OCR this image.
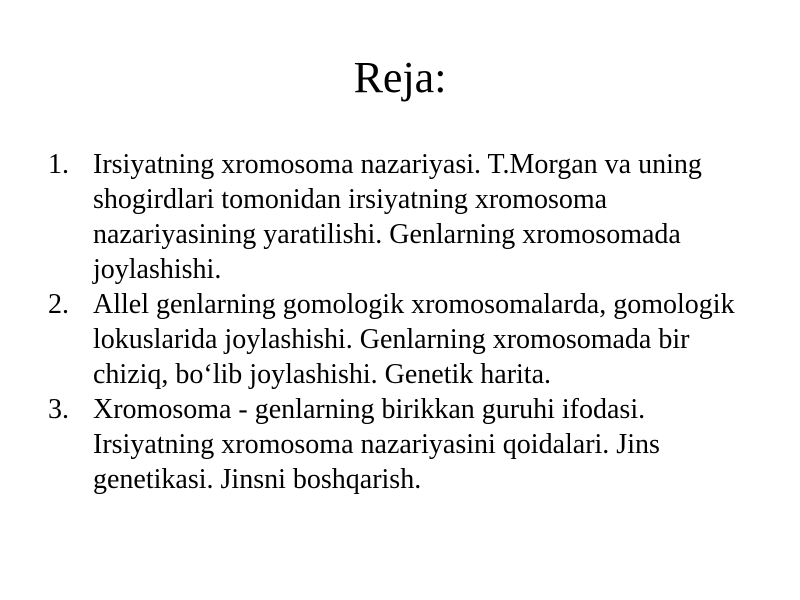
Reja:
1. Irsiyatning xromosoma nazariyasi. T.Morgan va uning shogirdlari tomonidan irsiyatning xromosoma nazariyasining yaratilishi. Genlarning xromosomada joylashishi.
2. Allel genlarning gomologik xromosomalarda, gomologik lokuslarida joylashishi. Genlarning xromosomada bir chiziq, bo‘lib joylashishi. Genetik harita.
3. Xromosoma - genlarning birikkan guruhi ifodasi. Irsiyatning xromosoma nazariyasini qoidalari. Jins genetikasi. Jinsni boshqarish.
